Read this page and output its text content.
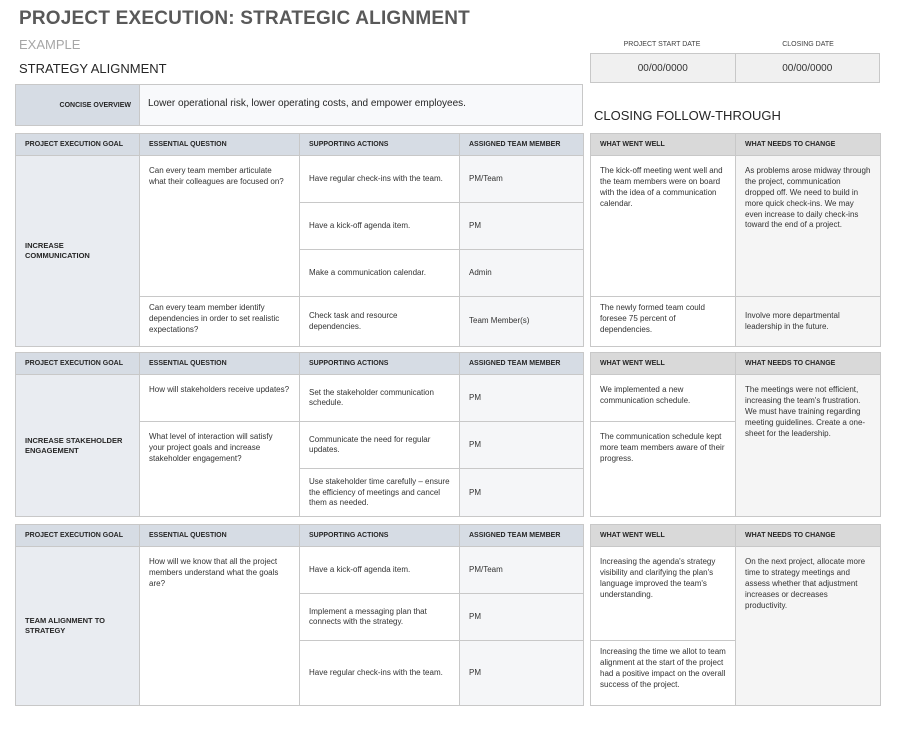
PROJECT EXECUTION: STRATEGIC ALIGNMENT
EXAMPLE
STRATEGY ALIGNMENT
PROJECT START DATE	CLOSING DATE
00/00/0000	00/00/0000
CONCISE OVERVIEW	Lower operational risk, lower operating costs, and empower employees.
CLOSING FOLLOW-THROUGH
PROJECT EXECUTION GOAL	ESSENTIAL QUESTION	SUPPORTING ACTIONS	ASSIGNED TEAM MEMBER
INCREASE COMMUNICATION	Can every team member articulate what their colleagues are focused on?	Have regular check-ins with the team.	PM/Team
		Have a kick-off agenda item.	PM
		Make a communication calendar.	Admin
	Can every team member identify dependencies in order to set realistic expectations?	Check task and resource dependencies.	Team Member(s)
WHAT WENT WELL	WHAT NEEDS TO CHANGE
The kick-off meeting went well and the team members were on board with the idea of a communication calendar.	As problems arose midway through the project, communication dropped off. We need to build in more quick check-ins. We may even increase to daily check-ins toward the end of a project.
The newly formed team could foresee 75 percent of dependencies.	Involve more departmental leadership in the future.
PROJECT EXECUTION GOAL	ESSENTIAL QUESTION	SUPPORTING ACTIONS	ASSIGNED TEAM MEMBER
INCREASE STAKEHOLDER ENGAGEMENT	How will stakeholders receive updates?	Set the stakeholder communication schedule.	PM
	What level of interaction will satisfy your project goals and increase stakeholder engagement?	Communicate the need for regular updates.	PM
		Use stakeholder time carefully – ensure the efficiency of meetings and cancel them as needed.	PM
WHAT WENT WELL	WHAT NEEDS TO CHANGE
We implemented a new communication schedule.	The meetings were not efficient, increasing the team's frustration. We must have training regarding meeting guidelines. Create a one-sheet for the leadership.
The communication schedule kept more team members aware of their progress.	
PROJECT EXECUTION GOAL	ESSENTIAL QUESTION	SUPPORTING ACTIONS	ASSIGNED TEAM MEMBER
TEAM ALIGNMENT TO STRATEGY	How will we know that all the project members understand what the goals are?	Have a kick-off agenda item.	PM/Team
		Implement a messaging plan that connects with the strategy.	PM
		Have regular check-ins with the team.	PM
WHAT WENT WELL	WHAT NEEDS TO CHANGE
Increasing the agenda's strategy visibility and clarifying the plan's language improved the team's understanding.	On the next project, allocate more time to strategy meetings and assess whether that adjustment increases or decreases productivity.
Increasing the time we allot to team alignment at the start of the project had a positive impact on the overall success of the project.	
